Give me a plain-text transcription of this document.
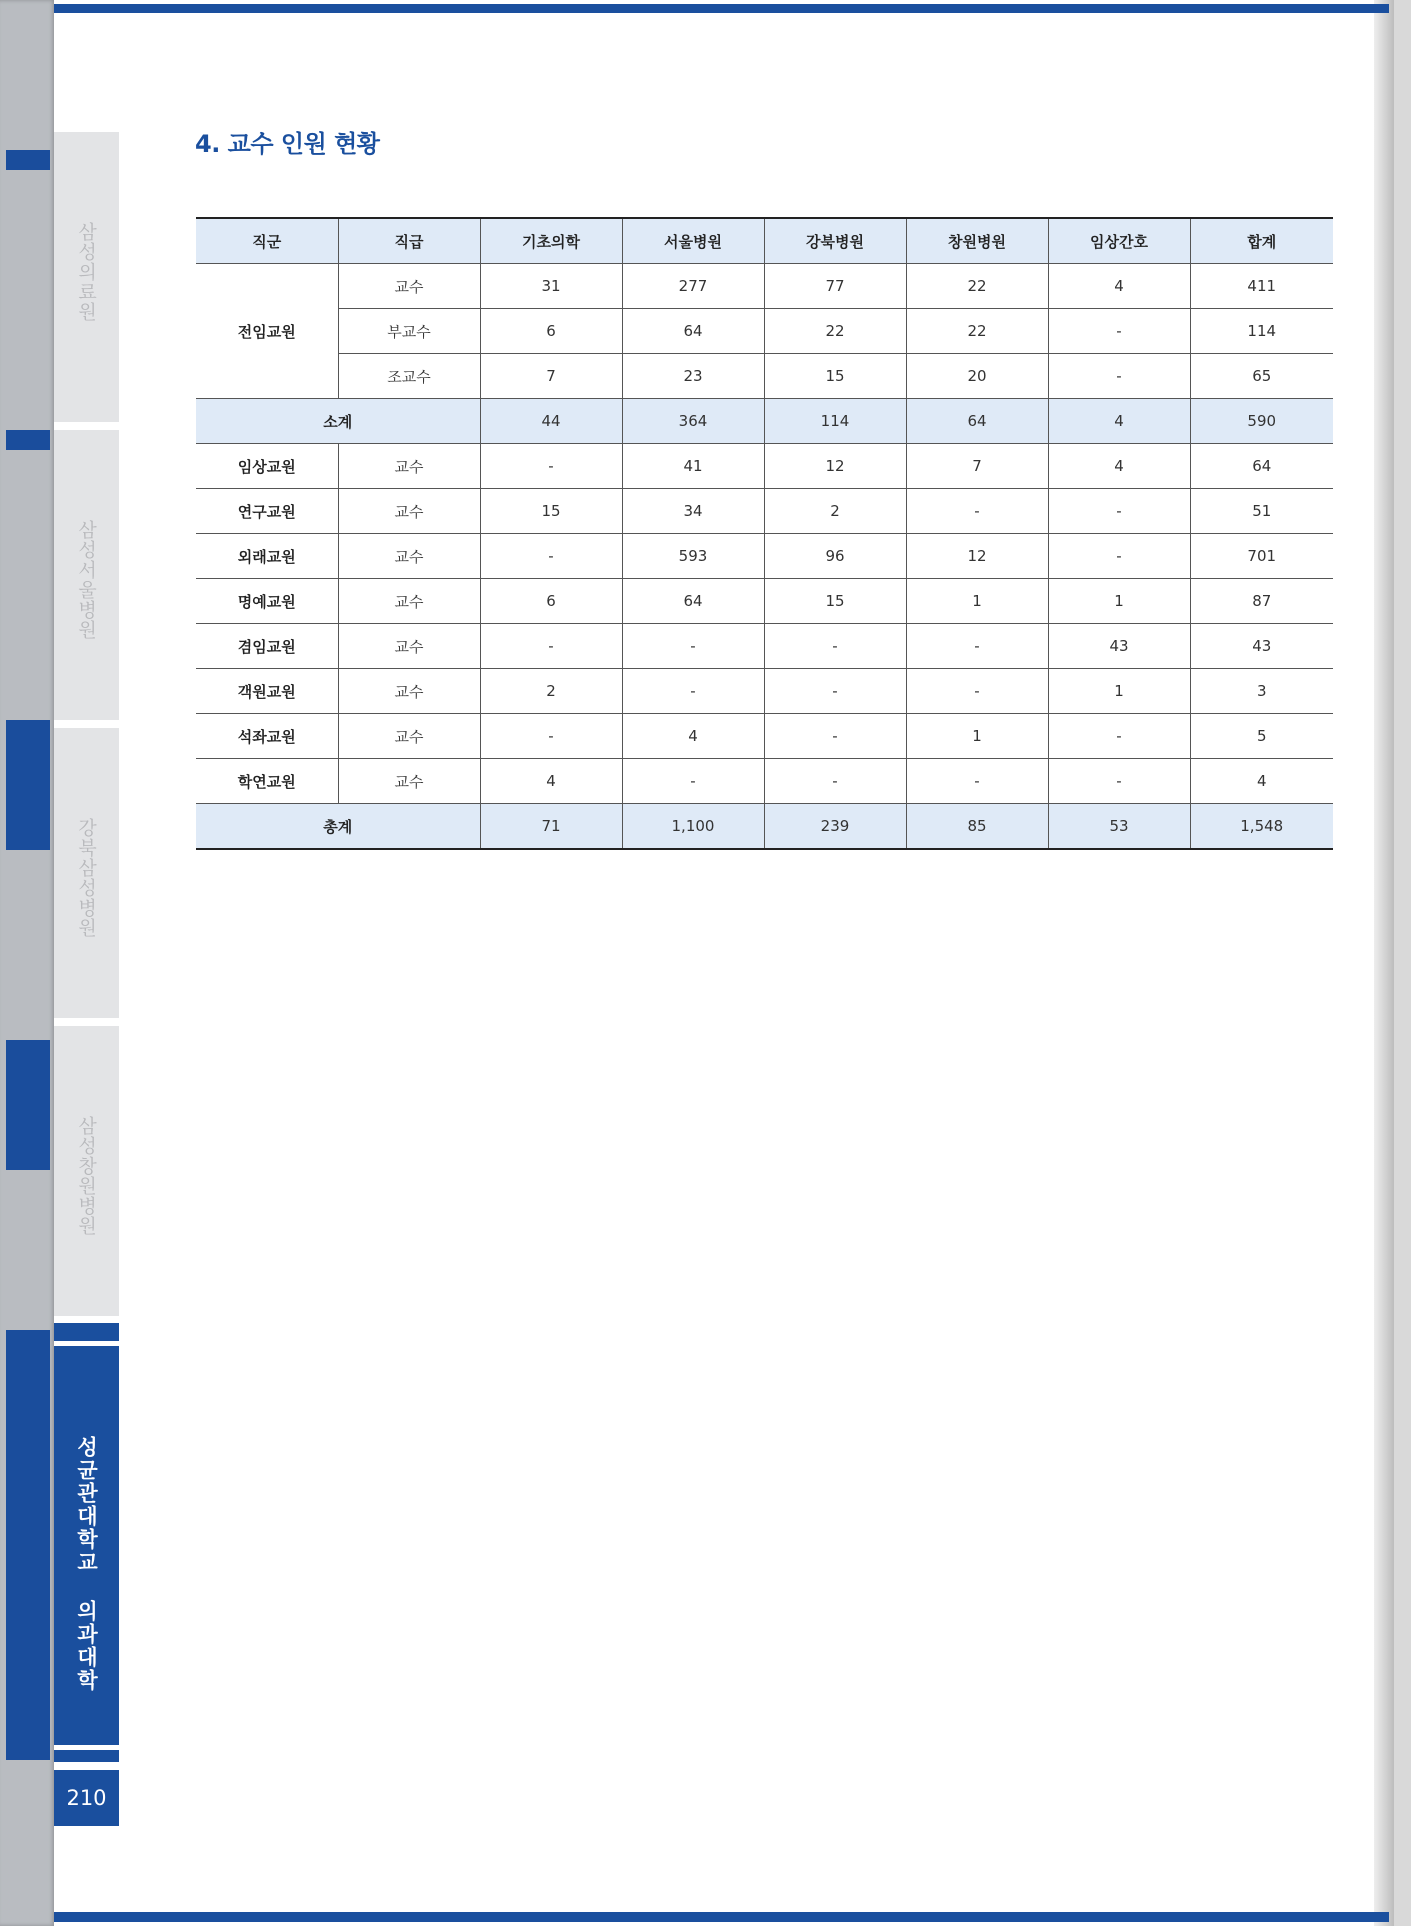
삼성의료원
삼성서울병원
강북삼성병원
삼성창원병원
성균관대학교 의과대학
210
4. 교수 인원 현황
직군	직급	기초의학	서울병원	강북병원	창원병원	임상간호	합계
전임교원	교수	31	277	77	22	4	411
	부교수	6	64	22	22	-	114
	조교수	7	23	15	20	-	65
소계		44	364	114	64	4	590
임상교원	교수	-	41	12	7	4	64
연구교원	교수	15	34	2	-	-	51
외래교원	교수	-	593	96	12	-	701
명예교원	교수	6	64	15	1	1	87
겸임교원	교수	-	-	-	-	43	43
객원교원	교수	2	-	-	-	1	3
석좌교원	교수	-	4	-	1	-	5
학연교원	교수	4	-	-	-	-	4
총계		71	1,100	239	85	53	1,548
